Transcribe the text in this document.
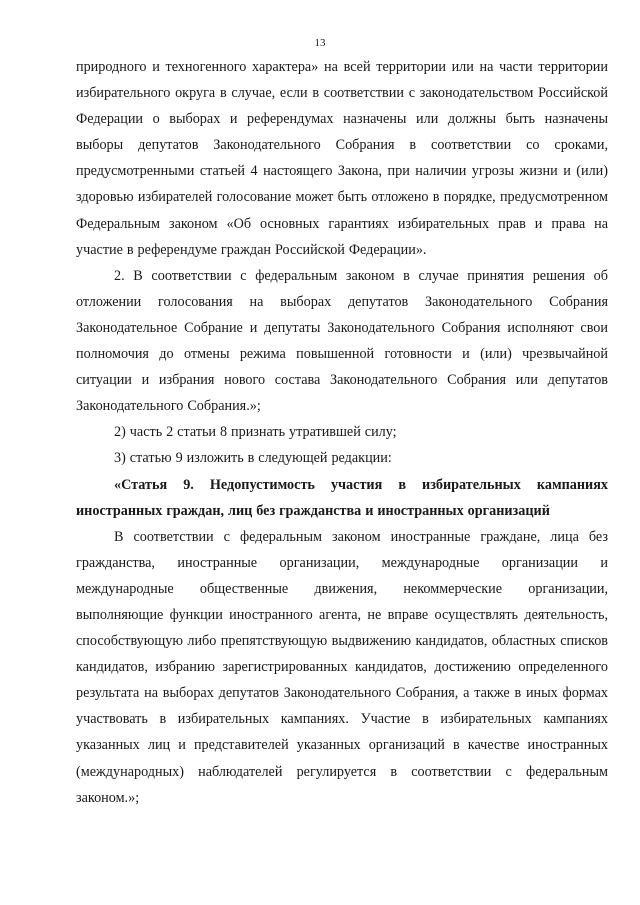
13

природного и техногенного характера» на всей территории или на части территории избирательного округа в случае, если в соответствии с законодательством Российской Федерации о выборах и референдумах назначены или должны быть назначены выборы депутатов Законодательного Собрания в соответствии со сроками, предусмотренными статьей 4 настоящего Закона, при наличии угрозы жизни и (или) здоровью избирателей голосование может быть отложено в порядке, предусмотренном Федеральным законом «Об основных гарантиях избирательных прав и права на участие в референдуме граждан Российской Федерации».

2. В соответствии с федеральным законом в случае принятия решения об отложении голосования на выборах депутатов Законодательного Собрания Законодательное Собрание и депутаты Законодательного Собрания исполняют свои полномочия до отмены режима повышенной готовности и (или) чрезвычайной ситуации и избрания нового состава Законодательного Собрания или депутатов Законодательного Собрания.»;

2) часть 2 статьи 8 признать утратившей силу;

3) статью 9 изложить в следующей редакции:

«Статья 9. Недопустимость участия в избирательных кампаниях иностранных граждан, лиц без гражданства и иностранных организаций

В соответствии с федеральным законом иностранные граждане, лица без гражданства, иностранные организации, международные организации и международные общественные движения, некоммерческие организации, выполняющие функции иностранного агента, не вправе осуществлять деятельность, способствующую либо препятствующую выдвижению кандидатов, областных списков кандидатов, избранию зарегистрированных кандидатов, достижению определенного результата на выборах депутатов Законодательного Собрания, а также в иных формах участвовать в избирательных кампаниях. Участие в избирательных кампаниях указанных лиц и представителей указанных организаций в качестве иностранных (международных) наблюдателей регулируется в соответствии с федеральным законом.»;
